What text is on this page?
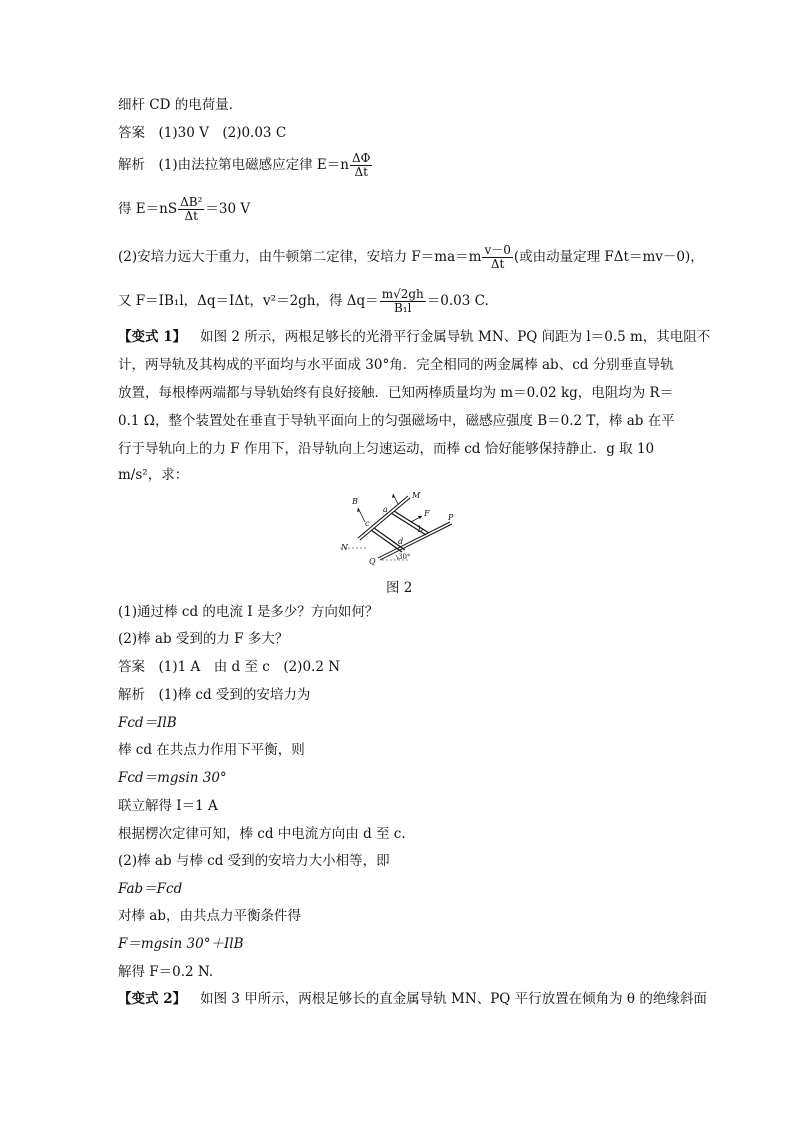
细杆 CD 的电荷量．
答案　(1)30 V　(2)0.03 C
解析　(1)由法拉第电磁感应定律 $E=n \frac{\Delta\Phi}{\Delta t}$
得 $E=nS \frac{\text{ΔB²}}{\Delta t} =30$ V
(2)安培力远大于重力，由牛顿第二定律，安培力 $F=ma=m \frac{v-0}{\Delta t}$ (或由动量定理 FΔt＝mv－0)，
又 F＝IB₁l，Δq＝IΔt，v²＝2gh，得 $\Delta q= \frac{m√2gh}{\text{B₁l}} =0.03$ C.
【变式 1】 如图 2 所示，两根足够长的光滑平行金属导轨 MN、PQ 间距为 l＝0.5 m，其电阻不
计，两导轨及其构成的平面均与水平面成 30°角．完全相同的两金属棒 ab、cd 分别垂直导轨
放置，每根棒两端都与导轨始终有良好接触．已知两棒质量均为 m＝0.02 kg，电阻均为 R＝
0.1 Ω，整个装置处在垂直于导轨平面向上的匀强磁场中，磁感应强度 B＝0.2 T，棒 ab 在平
行于导轨向上的力 F 作用下，沿导轨向上匀速运动，而棒 cd 恰好能够保持静止．g 取 10
m/s²，求：
B
a
M
F
c
b
P
N
d
Q	30°
图 2
(1)通过棒 cd 的电流 I 是多少？方向如何？
(2)棒 ab 受到的力 F 多大？
答案　(1)1 A　由 d 至 c　(2)0.2 N
解析　(1)棒 cd 受到的安培力为
Fcd＝IlB
棒 cd 在共点力作用下平衡，则
Fcd＝mgsin 30°
联立解得 I＝1 A
根据楞次定律可知，棒 cd 中电流方向由 d 至 c.
(2)棒 ab 与棒 cd 受到的安培力大小相等，即
Fab＝Fcd
对棒 ab，由共点力平衡条件得
F＝mgsin 30°＋IlB
解得 F＝0.2 N.
【变式 2】 如图 3 甲所示，两根足够长的直金属导轨 MN、PQ 平行放置在倾角为 θ 的绝缘斜面
